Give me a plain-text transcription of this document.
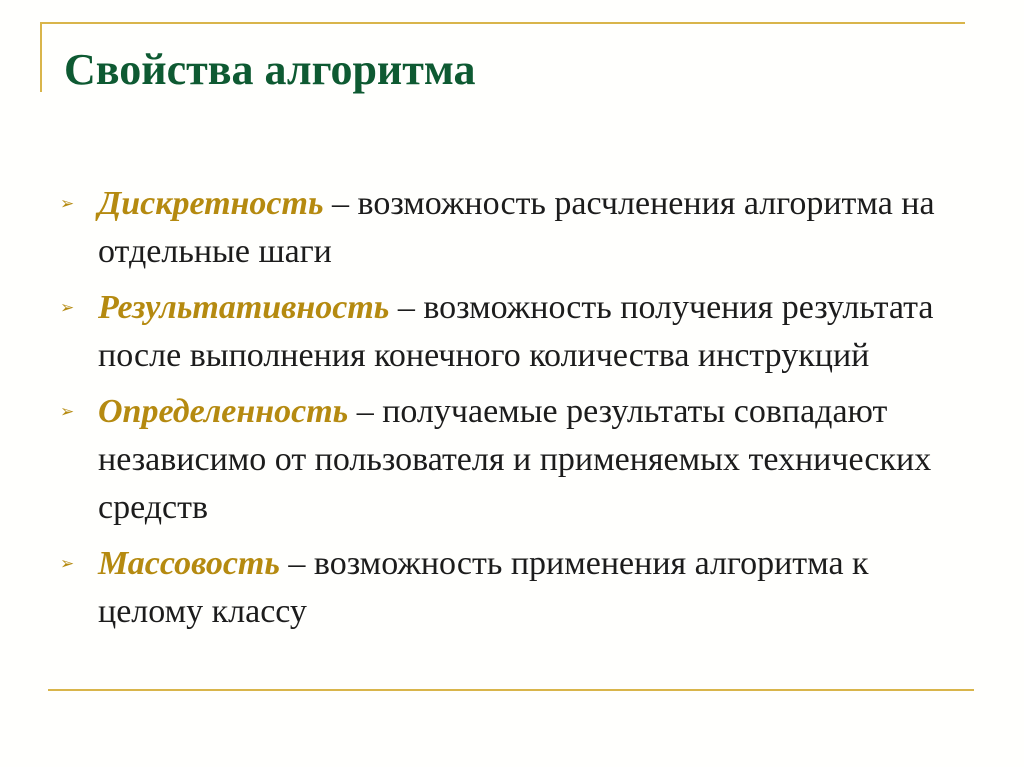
Свойства алгоритма
➢ Дискретность – возможность расчленения алгоритма на отдельные шаги
➢ Результативность – возможность получения результата после выполнения конечного количества инструкций
➢ Определенность – получаемые результаты совпадают независимо от пользователя и применяемых технических средств
➢ Массовость – возможность применения алгоритма к целому классу
